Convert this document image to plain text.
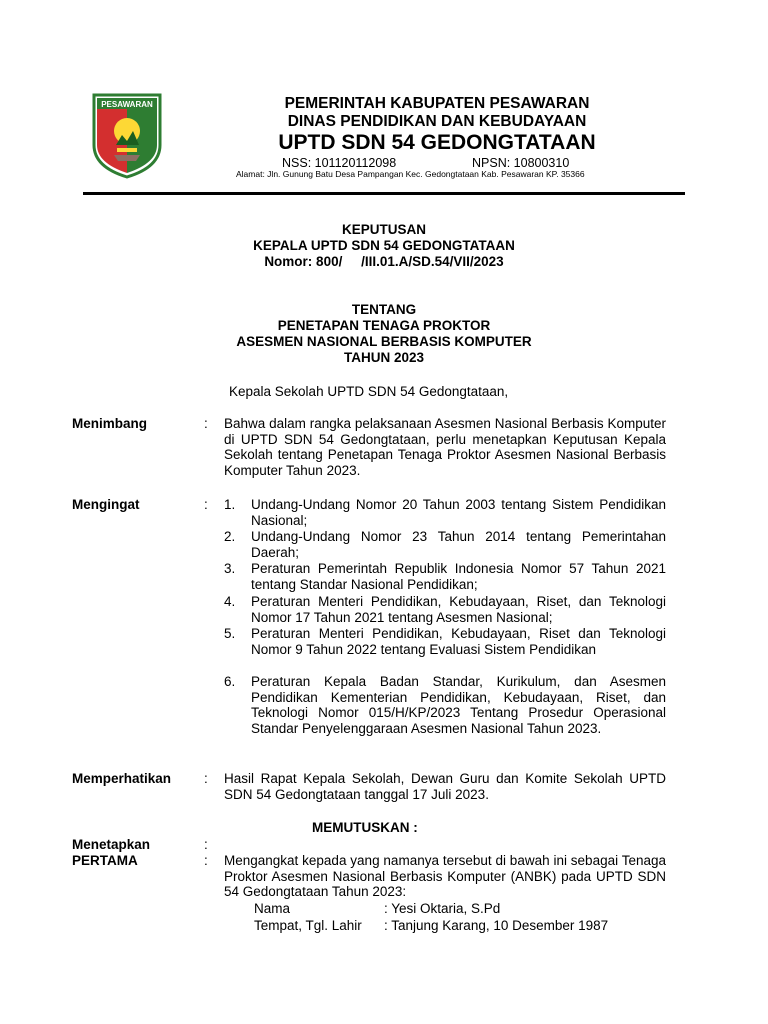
PESAWARAN	PEMERINTAH KABUPATEN PESAWARAN
DINAS PENDIDIKAN DAN KEBUDAYAAN
UPTD SDN 54 GEDONGTATAAN
NSS: 101120112098	NPSN: 10800310
Alamat: Jln. Gunung Batu Desa Pampangan Kec. Gedongtataan Kab. Pesawaran KP. 35366
KEPUTUSAN
KEPALA UPTD SDN 54 GEDONGTATAAN
Nomor: 800/     /III.01.A/SD.54/VII/2023
TENTANG
PENETAPAN TENAGA PROKTOR
ASESMEN NASIONAL BERBASIS KOMPUTER
TAHUN 2023
Kepala Sekolah UPTD SDN 54 Gedongtataan,
Menimbang	: Bahwa dalam rangka pelaksanaan Asesmen Nasional Berbasis Komputer di UPTD SDN 54 Gedongtataan, perlu menetapkan Keputusan Kepala Sekolah tentang Penetapan Tenaga Proktor Asesmen Nasional Berbasis Komputer Tahun 2023.
Mengingat	: 1. Undang-Undang Nomor 20 Tahun 2003 tentang Sistem Pendidikan Nasional;
2. Undang-Undang Nomor 23 Tahun 2014 tentang Pemerintahan Daerah;
3. Peraturan Pemerintah Republik Indonesia Nomor 57 Tahun 2021 tentang Standar Nasional Pendidikan;
4. Peraturan Menteri Pendidikan, Kebudayaan, Riset, dan Teknologi Nomor 17 Tahun 2021 tentang Asesmen Nasional;
5. Peraturan Menteri Pendidikan, Kebudayaan, Riset dan Teknologi Nomor 9 Tahun 2022 tentang Evaluasi Sistem Pendidikan
6. Peraturan Kepala Badan Standar, Kurikulum, dan Asesmen Pendidikan Kementerian Pendidikan, Kebudayaan, Riset, dan Teknologi Nomor 015/H/KP/2023 Tentang Prosedur Operasional Standar Penyelenggaraan Asesmen Nasional Tahun 2023.
Memperhatikan : Hasil Rapat Kepala Sekolah, Dewan Guru dan Komite Sekolah UPTD SDN 54 Gedongtataan tanggal 17 Juli 2023.
MEMUTUSKAN :
Menetapkan	:
PERTAMA	: Mengangkat kepada yang namanya tersebut di bawah ini sebagai Tenaga Proktor Asesmen Nasional Berbasis Komputer (ANBK) pada UPTD SDN 54 Gedongtataan Tahun 2023:
Nama	: Yesi Oktaria, S.Pd
Tempat, Tgl. Lahir : Tanjung Karang, 10 Desember 1987
